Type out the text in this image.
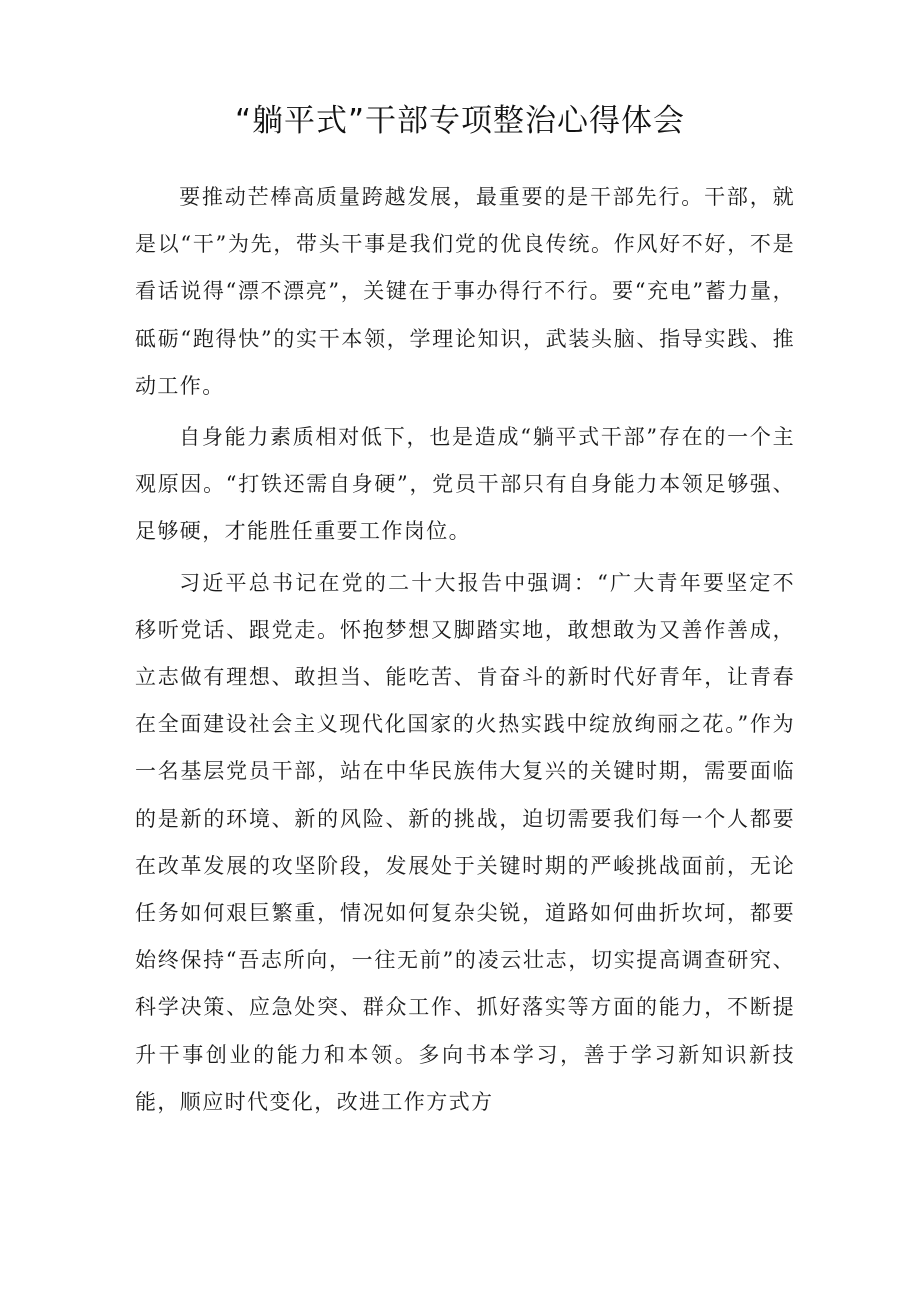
“躺平式”干部专项整治心得体会

要推动芒棒高质量跨越发展，最重要的是干部先行。干部，就是以“干”为先，带头干事是我们党的优良传统。作风好不好，不是看话说得“漂不漂亮”，关键在于事办得行不行。要“充电”蓄力量，砥砺“跑得快”的实干本领，学理论知识，武装头脑、指导实践、推动工作。

自身能力素质相对低下，也是造成“躺平式干部”存在的一个主观原因。“打铁还需自身硬”，党员干部只有自身能力本领足够强、足够硬，才能胜任重要工作岗位。

习近平总书记在党的二十大报告中强调：“广大青年要坚定不移听党话、跟党走。怀抱梦想又脚踏实地，敢想敢为又善作善成，立志做有理想、敢担当、能吃苦、肯奋斗的新时代好青年，让青春在全面建设社会主义现代化国家的火热实践中绽放绚丽之花。”作为一名基层党员干部，站在中华民族伟大复兴的关键时期，需要面临的是新的环境、新的风险、新的挑战，迫切需要我们每一个人都要在改革发展的攻坚阶段，发展处于关键时期的严峻挑战面前，无论任务如何艰巨繁重，情况如何复杂尖锐，道路如何曲折坎坷，都要始终保持“吾志所向，一往无前”的凌云壮志，切实提高调查研究、科学决策、应急处突、群众工作、抓好落实等方面的能力，不断提升干事创业的能力和本领。多向书本学习，善于学习新知识新技能，顺应时代变化，改进工作方式方
